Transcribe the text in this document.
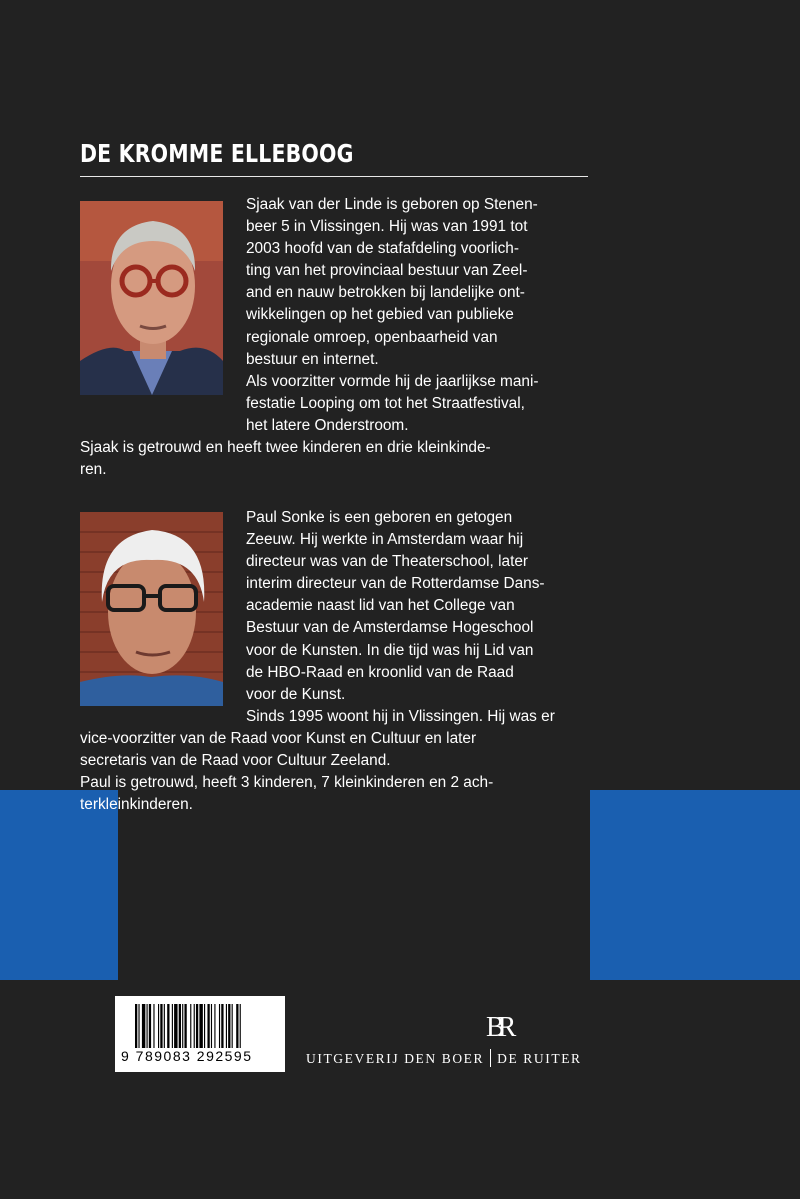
DE KROMME ELLEBOOG
Sjaak van der Linde is geboren op Stenen-
beer 5 in Vlissingen. Hij was van 1991 tot
2003 hoofd van de stafafdeling voorlich-
ting van het provinciaal bestuur van Zeel-
and en nauw betrokken bij landelijke ont-
wikkelingen op het gebied van publieke
regionale omroep, openbaarheid van
bestuur en internet.
Als voorzitter vormde hij de jaarlijkse mani-
festatie Looping om tot het Straatfestival,
het latere Onderstroom.
Sjaak is getrouwd en heeft twee kinderen en drie kleinkinde-
ren.
Paul Sonke is een geboren en getogen
Zeeuw. Hij werkte in Amsterdam waar hij
directeur was van de Theaterschool, later
interim directeur van de Rotterdamse Dans-
academie naast lid van het College van
Bestuur van de Amsterdamse Hogeschool
voor de Kunsten. In die tijd was hij Lid van
de HBO-Raad en kroonlid van de Raad
voor de Kunst.
Sinds 1995 woont hij in Vlissingen. Hij was er
vice-voorzitter van de Raad voor Kunst en Cultuur en later
secretaris van de Raad voor Cultuur Zeeland.
Paul is getrouwd, heeft 3 kinderen, 7 kleinkinderen en 2 ach-
terkleinkinderen.
9 789083 292595
BR
UITGEVERIJ DEN BOER DE RUITER
